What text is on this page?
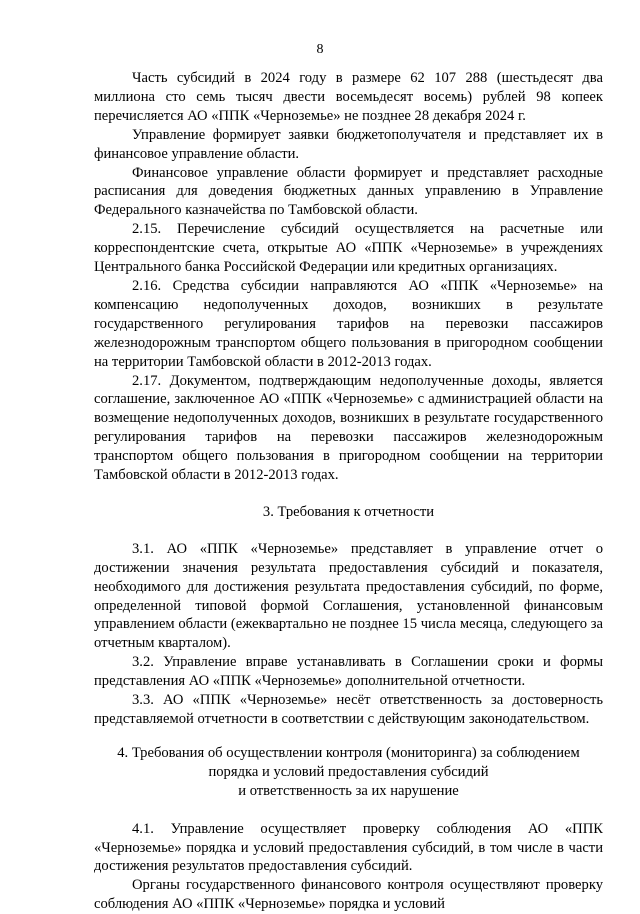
8

Часть субсидий в 2024 году в размере 62 107 288 (шестьдесят два миллиона сто семь тысяч двести восемьдесят восемь) рублей 98 копеек перечисляется АО «ППК «Черноземье» не позднее 28 декабря 2024 г.

Управление формирует заявки бюджетополучателя и представляет их в финансовое управление области.

Финансовое управление области формирует и представляет расходные расписания для доведения бюджетных данных управлению в Управление Федерального казначейства по Тамбовской области.

2.15. Перечисление субсидий осуществляется на расчетные или корреспондентские счета, открытые АО «ППК «Черноземье» в учреждениях Центрального банка Российской Федерации или кредитных организациях.

2.16. Средства субсидии направляются АО «ППК «Черноземье» на компенсацию недополученных доходов, возникших в результате государственного регулирования тарифов на перевозки пассажиров железнодорожным транспортом общего пользования в пригородном сообщении на территории Тамбовской области в 2012-2013 годах.

2.17. Документом, подтверждающим недополученные доходы, является соглашение, заключенное АО «ППК «Черноземье» с администрацией области на возмещение недополученных доходов, возникших в результате государственного регулирования тарифов на перевозки пассажиров железнодорожным транспортом общего пользования в пригородном сообщении на территории Тамбовской области в 2012-2013 годах.

3. Требования к отчетности

3.1. АО «ППК «Черноземье» представляет в управление отчет о достижении значения результата предоставления субсидий и показателя, необходимого для достижения результата предоставления субсидий, по форме, определенной типовой формой Соглашения, установленной финансовым управлением области (ежеквартально не позднее 15 числа месяца, следующего за отчетным кварталом).

3.2. Управление вправе устанавливать в Соглашении сроки и формы представления АО «ППК «Черноземье» дополнительной отчетности.

3.3. АО «ППК «Черноземье» несёт ответственность за достоверность представляемой отчетности в соответствии с действующим законодательством.

4. Требования об осуществлении контроля (мониторинга) за соблюдением
порядка и условий предоставления субсидий
и ответственность за их нарушение

4.1. Управление осуществляет проверку соблюдения АО «ППК «Черноземье» порядка и условий предоставления субсидий, в том числе в части достижения результатов предоставления субсидий.

Органы государственного финансового контроля осуществляют проверку соблюдения АО «ППК «Черноземье» порядка и условий
